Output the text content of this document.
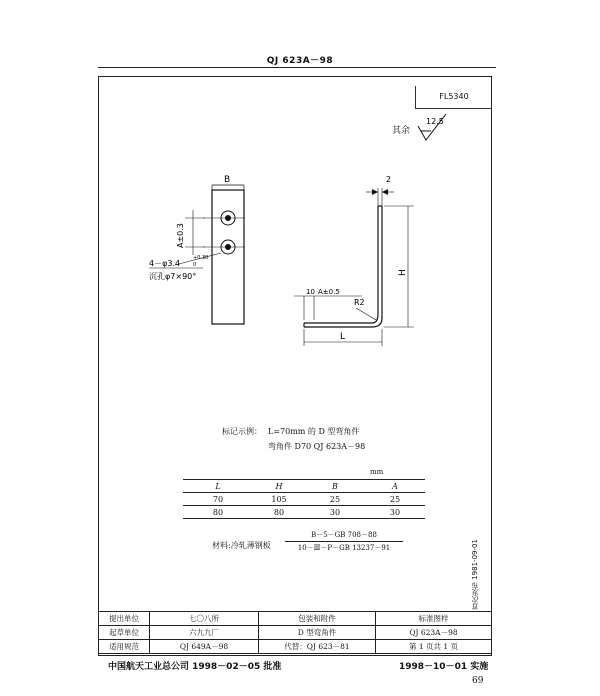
QJ 623A－98
FL5340
其余
12.5
B
A±0.3
4－φ3.4
+0.30
0
沉孔φ7×90°
2
H
L
10 A±0.5
R2
标记示例： L=70mm 的 D 型弯角件
弯角件 D70 QJ 623A－98
mm
L	H	B	A
70	105	25	25
80	80	30	30
材料:冷轧薄钢板
B－5－GB 708－88
10－Ⅲ－P－GB 13237－91	首次发布 1981-09-01
提出单位	七〇八所	包装和附件	标准图样
起草单位	六九九厂	D 型弯角件	QJ 623A－98
适用规范	QJ 649A－98	代替：QJ 623－81	第 1 页共 1 页
中国航天工业总公司 1998－02－05 批准	1998－10－01 实施
69
